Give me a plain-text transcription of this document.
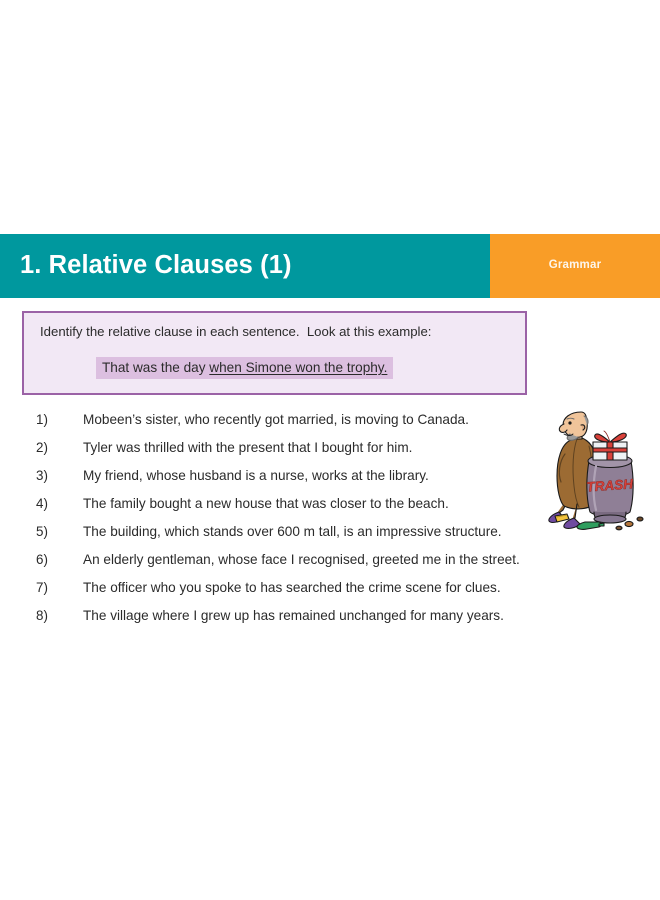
1. Relative Clauses (1)	Grammar
Identify the relative clause in each sentence.  Look at this example:
That was the day when Simone won the trophy.
1)	Mobeen’s sister, who recently got married, is moving to Canada.
2)	Tyler was thrilled with the present that I bought for him.
3)	My friend, whose husband is a nurse, works at the library.
4)	The family bought a new house that was closer to the beach.
5)	The building, which stands over 600 m tall, is an impressive structure.
6)	An elderly gentleman, whose face I recognised, greeted me in the street.
7)	The officer who you spoke to has searched the crime scene for clues.
8)	The village where I grew up has remained unchanged for many years.
TRASH
